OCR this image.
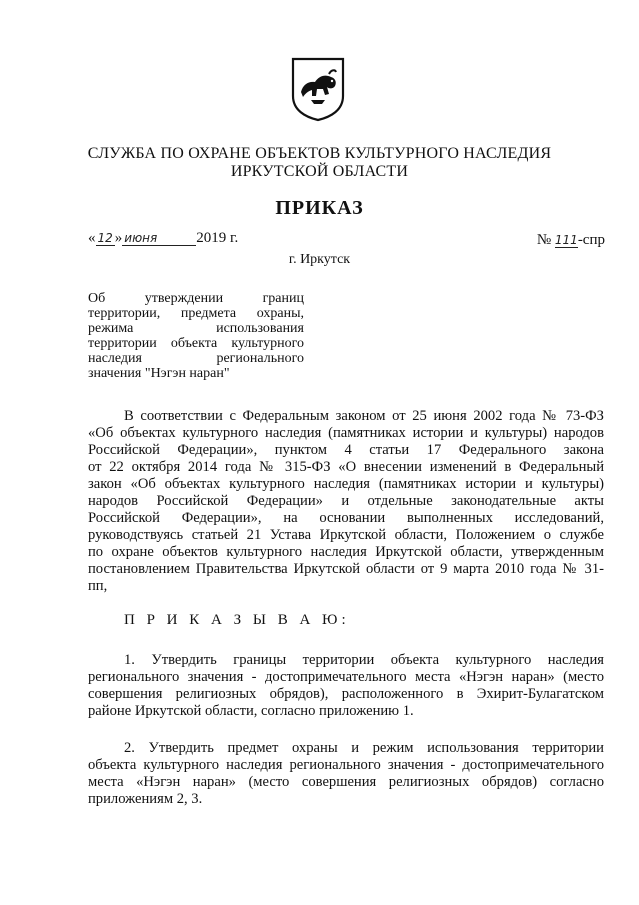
СЛУЖБА ПО ОХРАНЕ ОБЪЕКТОВ КУЛЬТУРНОГО НАСЛЕДИЯ
ИРКУТСКОЙ ОБЛАСТИ
ПРИКАЗ
« 12 » июня	2019 г.	№ 111-спр
г. Иркутск
Об утверждении границ
территории, предмета охраны,
режима использования
территории объекта культурного
наследия регионального
значения "Нэгэн наран"
В соответствии с Федеральным законом от 25 июня 2002 года № 73-ФЗ
«Об объектах культурного наследия (памятниках истории и культуры) народов
Российской Федерации», пунктом 4 статьи 17 Федерального закона
от 22 октября 2014 года № 315-ФЗ «О внесении изменений в Федеральный
закон «Об объектах культурного наследия (памятниках истории и культуры)
народов Российской Федерации» и отдельные законодательные акты
Российской Федерации», на основании выполненных исследований,
руководствуясь статьей 21 Устава Иркутской области, Положением о службе
по охране объектов культурного наследия Иркутской области, утвержденным
постановлением Правительства Иркутской области от 9 марта 2010 года № 31-
пп,
П Р И К А З Ы В А Ю:
1. Утвердить границы территории объекта культурного наследия
регионального значения - достопримечательного места «Нэгэн наран» (место
совершения религиозных обрядов), расположенного в Эхирит-Булагатском
районе Иркутской области, согласно приложению 1.
2. Утвердить предмет охраны и режим использования территории
объекта культурного наследия регионального значения - достопримечательного
места «Нэгэн наран» (место совершения религиозных обрядов) согласно
приложениям 2, 3.
